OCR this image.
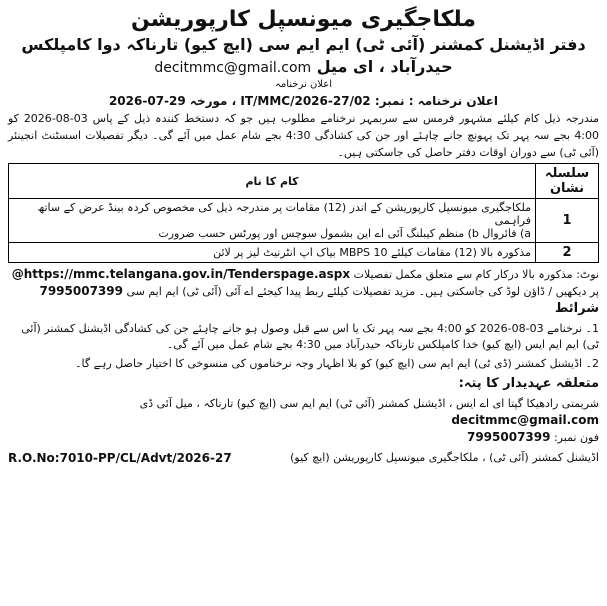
ملکاجگیری میونسپل کارپوریشن
دفتر اڈیشنل کمشنر (آئی ٹی) ایم ایم سی (ایچ کیو) تارناکہ دوا کامپلکس
حیدرآباد ، ای میل decitmmc@gmail.com
اعلان نرخنامہ
اعلان نرخنامہ : نمبر: 02/IT/MMC/2026-27 ، مورخہ 29-07-2026
مندرجہ ذیل کام کیلئے مشہور فرمس سے سربمہر نرخنامے مطلوب ہیں جو کہ دستخط کنندہ ذیل کے پاس 03-08-2026 کو 4:00 بجے سہ پہر تک پہونچ جانے چاہئے اور جن کی کشادگی 4:30 بجے شام عمل میں آئے گی۔ دیگر تفصیلات اسسٹنٹ انجینئر (آئی ٹی) سے دوران اوقات دفتر حاصل کی جاسکتی ہیں۔
سلسلہ نشان	کام کا نام
1	ملکاجگیری میونسپل کارپوریشن کے اندر (12) مقامات پر مندرجہ ذیل کی مخصوص کردہ بینڈ عرض کے ساتھ فراہمی
a) فائروال b) منظم کیبلنگ آئی اے این بشمول سوچس اور پورٹس حسب ضرورت

2	مذکورہ بالا (12) مقامات کیلئے 10 MBPS بیاک اپ انٹرنیٹ لیز پر لائن
نوٹ: مذکورہ بالا درکار کام سے متعلق مکمل تفصیلات @https://mmc.telangana.gov.in/Tenderspage.aspx
پر دیکھیں / ڈاؤن لوڈ کی جاسکتی ہیں۔ مزید تفصیلات کیلئے ربط پیدا کیجئے اے آئی (آئی ٹی) ایم ایم سی 7995007399
شرائط
1۔ نرخنامے 03-08-2026 کو 4:00 بجے سہ پہر تک یا اس سے قبل وصول ہو جانے چاہئے جن کی کشادگی اڈیشنل کمشنر (آئی ٹی) ایم ایم ایس (ایچ کیو) خدا کامپلکس تارناکہ حیدرآباد میں 4:30 بجے شام عمل میں آئے گی۔
2۔ اڈیشنل کمشنر (ڈی ٹی) ایم ایم سی (ایچ کیو) کو بلا اظہار وجہ نرخناموں کی منسوخی کا اختیار حاصل رہے گا۔
متعلقہ عہدیدار کا پتہ:
شریمتی رادھیکا گپتا ای اے ایس ، اڈیشنل کمشنر (آئی ٹی) ایم ایم سی (ایچ کیو) تارناکہ ، میل آئی ڈی decitmmc@gmail.com
فون نمبر: 7995007399
R.O.No:7010-PP/CL/Advt/2026-27	اڈیشنل کمشنر (آئی ٹی) ، ملکاجگیری میونسپل کارپوریشن (ایچ کیو)
